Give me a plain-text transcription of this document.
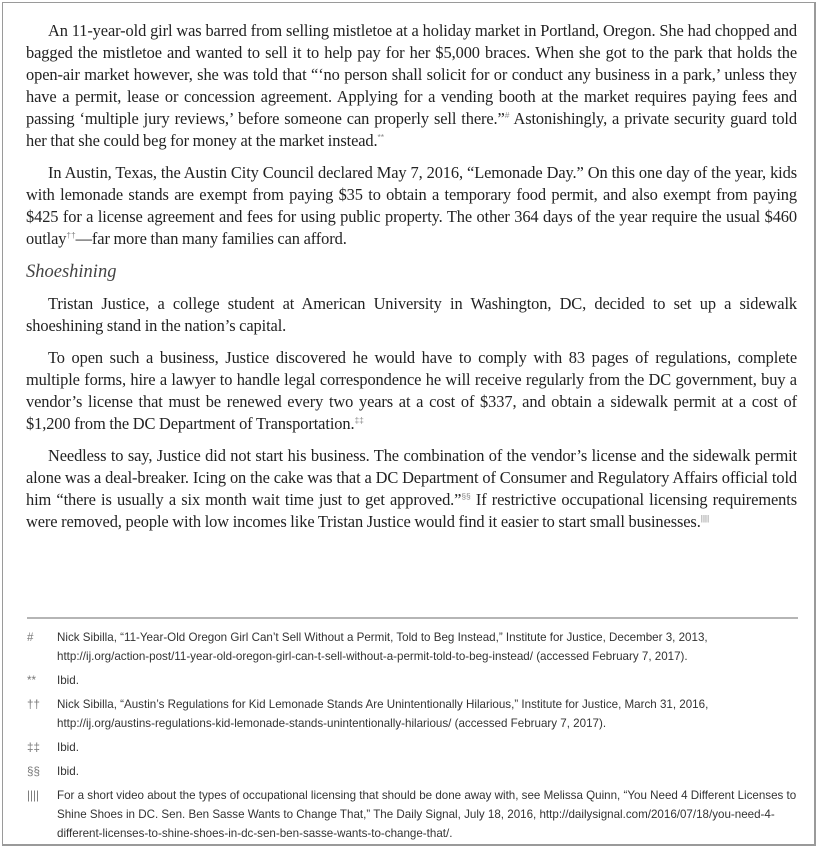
An 11-year-old girl was barred from selling mistletoe at a holiday market in Portland, Oregon. She had chopped and bagged the mistletoe and wanted to sell it to help pay for her $5,000 braces. When she got to the park that holds the open-air market however, she was told that “‘no person shall solicit for or conduct any business in a park,’ unless they have a permit, lease or concession agreement. Applying for a vending booth at the market requires paying fees and passing ‘multiple jury reviews,’ before someone can properly sell there.”# Astonishingly, a private security guard told her that she could beg for money at the market instead.**

In Austin, Texas, the Austin City Council declared May 7, 2016, “Lemonade Day.” On this one day of the year, kids with lemonade stands are exempt from paying $35 to obtain a temporary food permit, and also exempt from paying $425 for a license agreement and fees for using public property. The other 364 days of the year require the usual $460 outlay††—far more than many families can afford.

Shoeshining

Tristan Justice, a college student at American University in Washington, DC, decided to set up a sidewalk shoeshining stand in the nation’s capital.

To open such a business, Justice discovered he would have to comply with 83 pages of regulations, complete multiple forms, hire a lawyer to handle legal correspondence he will receive regularly from the DC government, buy a vendor’s license that must be renewed every two years at a cost of $337, and obtain a sidewalk permit at a cost of $1,200 from the DC Department of Transportation.‡‡

Needless to say, Justice did not start his business. The combination of the vendor’s license and the sidewalk permit alone was a deal-breaker. Icing on the cake was that a DC Department of Consumer and Regulatory Affairs official told him “there is usually a six month wait time just to get approved.”§§ If restrictive occupational licensing requirements were removed, people with low incomes like Tristan Justice would find it easier to start small businesses.||||

#	Nick Sibilla, “11-Year-Old Oregon Girl Can’t Sell Without a Permit, Told to Beg Instead,” Institute for Justice, December 3, 2013, http://ij.org/action-post/11-year-old-oregon-girl-can-t-sell-without-a-permit-told-to-beg-instead/ (accessed February 7, 2017).
**	Ibid.
††	Nick Sibilla, “Austin’s Regulations for Kid Lemonade Stands Are Unintentionally Hilarious,” Institute for Justice, March 31, 2016, http://ij.org/austins-regulations-kid-lemonade-stands-unintentionally-hilarious/ (accessed February 7, 2017).
‡‡	Ibid.
§§	Ibid.
||||	For a short video about the types of occupational licensing that should be done away with, see Melissa Quinn, “You Need 4 Different Licenses to Shine Shoes in DC. Sen. Ben Sasse Wants to Change That,” The Daily Signal, July 18, 2016, http://dailysignal.com/2016/07/18/you-need-4-different-licenses-to-shine-shoes-in-dc-sen-ben-sasse-wants-to-change-that/.
